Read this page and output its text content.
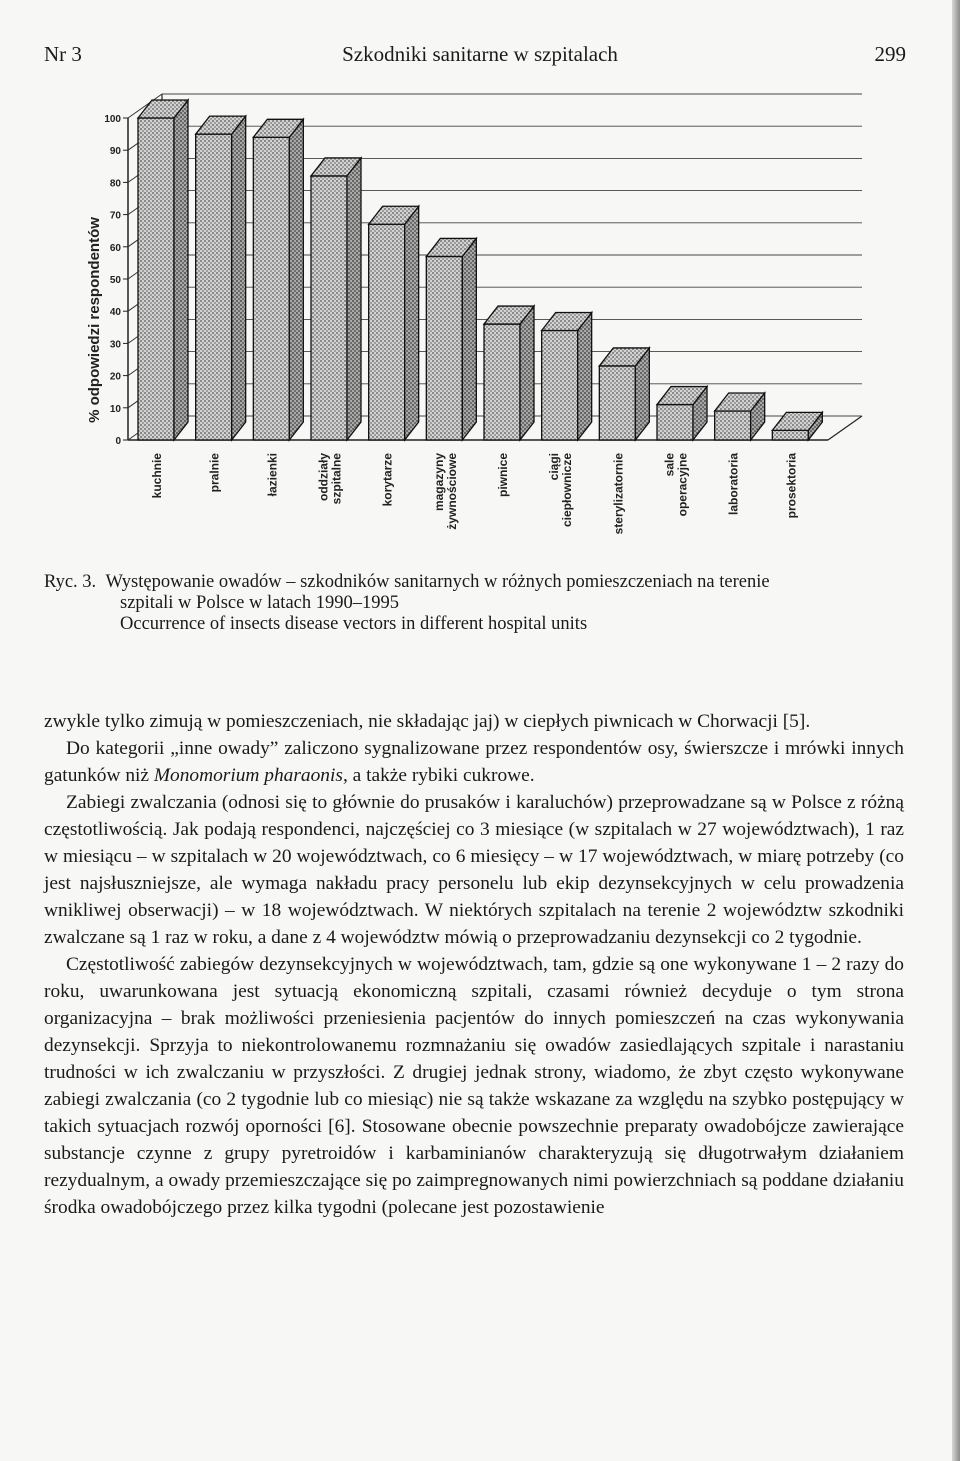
Nr 3	Szkodniki sanitarne w szpitalach	299
0
10
20
30
40
50
60
70
80
90
100
kuchnie	pralnie	łazienki	oddziały szpitalne	korytarze	magazyny żywnościowe	piwnice	ciągi ciepłownicze	sterylizatornie	sale operacyjne	laboratoria	prosektoria
% odpowiedzi respondentów
Ryc. 3. Występowanie owadów – szkodników sanitarnych w różnych pomieszczeniach na terenie
szpitali w Polsce w latach 1990–1995
Occurrence of insects disease vectors in different hospital units

zwykle tylko zimują w pomieszczeniach, nie składając jaj) w ciepłych piwnicach w Chorwacji [5].

Do kategorii „inne owady” zaliczono sygnalizowane przez respondentów osy, świerszcze i mrówki innych gatunków niż Monomorium pharaonis, a także rybiki cukrowe.

Zabiegi zwalczania (odnosi się to głównie do prusaków i karaluchów) przeprowadzane są w Polsce z różną częstotliwością. Jak podają respondenci, najczęściej co 3 miesiące (w szpitalach w 27 województwach), 1 raz w miesiącu – w szpitalach w 20 województwach, co 6 miesięcy – w 17 województwach, w miarę potrzeby (co jest najsłuszniejsze, ale wymaga nakładu pracy personelu lub ekip dezynsekcyjnych w celu prowadzenia wnikliwej obserwacji) – w 18 województwach. W niektórych szpitalach na terenie 2 województw szkodniki zwalczane są 1 raz w roku, a dane z 4 województw mówią o przeprowadzaniu dezynsekcji co 2 tygodnie.

Częstotliwość zabiegów dezynsekcyjnych w województwach, tam, gdzie są one wykonywane 1 – 2 razy do roku, uwarunkowana jest sytuacją ekonomiczną szpitali, czasami również decyduje o tym strona organizacyjna – brak możliwości przeniesienia pacjentów do innych pomieszczeń na czas wykonywania dezynsekcji. Sprzyja to niekontrolowanemu rozmnażaniu się owadów zasiedlających szpitale i narastaniu trudności w ich zwalczaniu w przyszłości. Z drugiej jednak strony, wiadomo, że zbyt często wykonywane zabiegi zwalczania (co 2 tygodnie lub co miesiąc) nie są także wskazane za względu na szybko postępujący w takich sytuacjach rozwój oporności [6]. Stosowane obecnie powszechnie preparaty owadobójcze zawierające substancje czynne z grupy pyretroidów i karbaminianów charakteryzują się długotrwałym działaniem rezydualnym, a owady przemieszczające się po zaimpregnowanych nimi powierzchniach są poddane działaniu środka owadobójczego przez kilka tygodni (polecane jest pozostawienie
